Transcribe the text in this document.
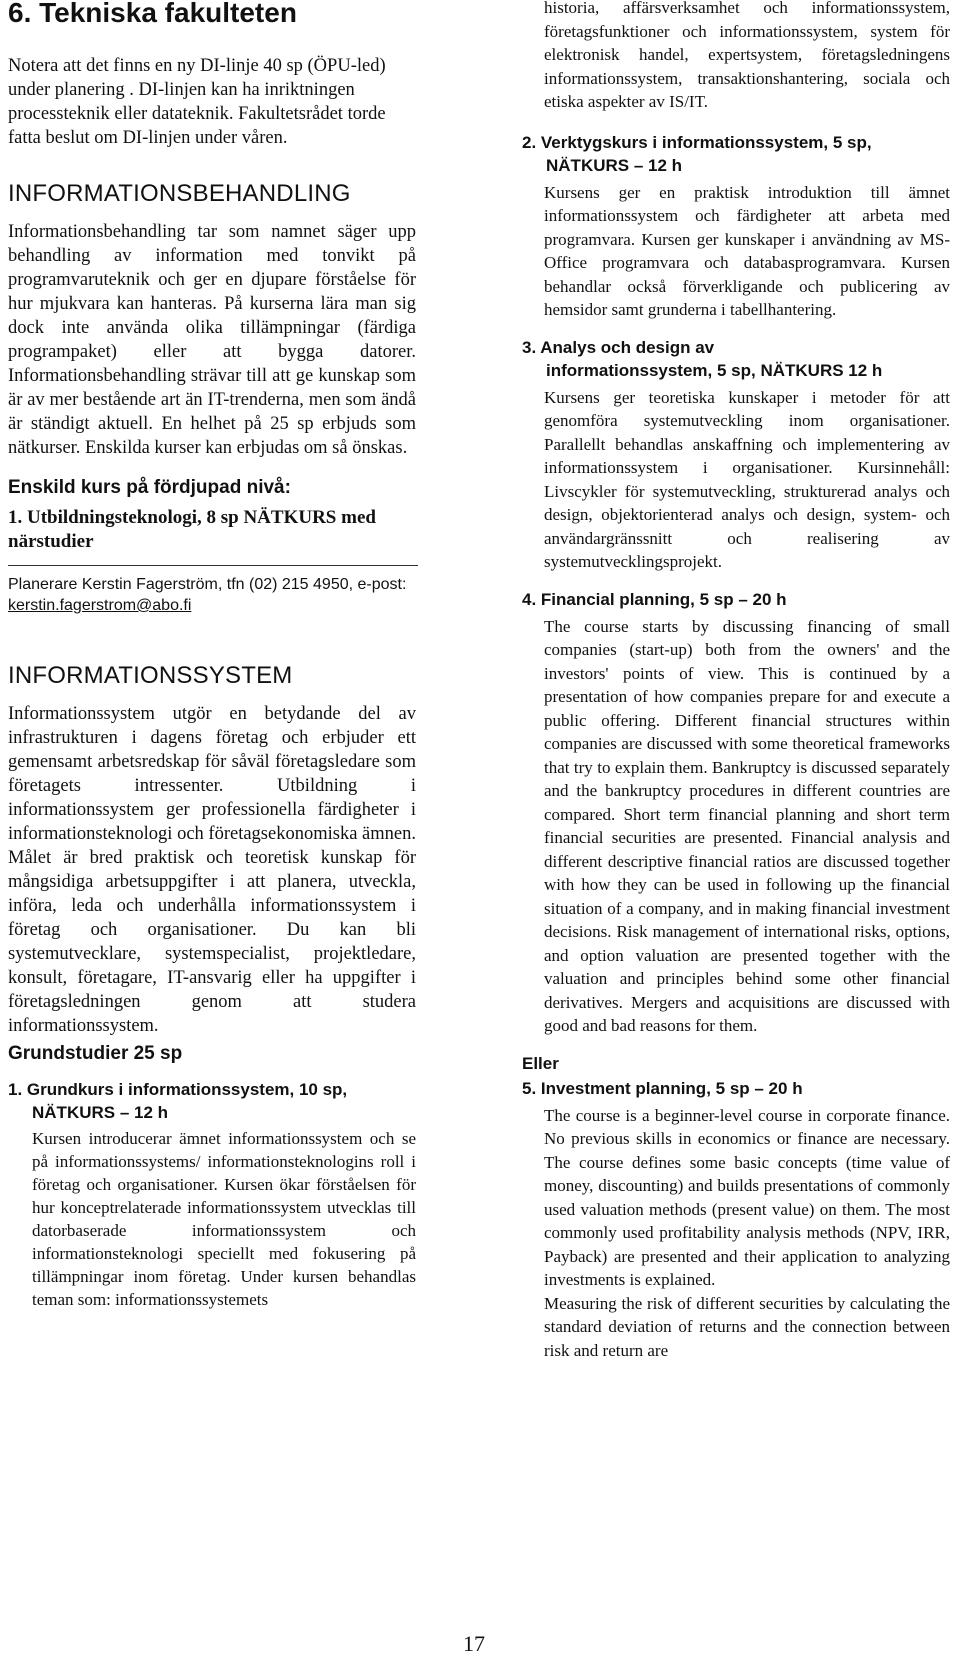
6. Tekniska fakulteten

Notera att det finns en ny DI-linje 40 sp (ÖPU-led) under planering . DI-linjen kan ha inriktningen processteknik eller datateknik. Fakultetsrådet torde fatta beslut om DI-linjen under våren.

INFORMATIONSBEHANDLING

Informationsbehandling tar som namnet säger upp behandling av information med tonvikt på programvaruteknik och ger en djupare förståelse för hur mjukvara kan hanteras. På kurserna lära man sig dock inte använda olika tillämpningar (färdiga programpaket) eller att bygga datorer. Informationsbehandling strävar till att ge kunskap som är av mer bestående art än IT-trenderna, men som ändå är ständigt aktuell. En helhet på 25 sp erbjuds som nätkurser. Enskilda kurser kan erbjudas om så önskas.

Enskild kurs på fördjupad nivå:
1. Utbildningsteknologi, 8 sp NÄTKURS med närstudier

Planerare Kerstin Fagerström, tfn (02) 215 4950, e-post: kerstin.fagerstrom@abo.fi

INFORMATIONSSYSTEM

Informationssystem utgör en betydande del av infrastrukturen i dagens företag och erbjuder ett gemensamt arbetsredskap för såväl företagsledare som företagets intressenter. Utbildning i informationssystem ger professionella färdigheter i informationsteknologi och företagsekonomiska ämnen. Målet är bred praktisk och teoretisk kunskap för mångsidiga arbetsuppgifter i att planera, utveckla, införa, leda och underhålla informationssystem i företag och organisationer. Du kan bli systemutvecklare, systemspecialist, projektledare, konsult, företagare, IT-ansvarig eller ha uppgifter i företagsledningen genom att studera informationssystem.

Grundstudier 25 sp
1. Grundkurs i informationssystem, 10 sp,
NÄTKURS – 12 h

Kursen introducerar ämnet informationssystem och se på informationssystems/ informationsteknologins roll i företag och organisationer. Kursen ökar förståelsen för hur konceptrelaterade informationssystem utvecklas till datorbaserade informationssystem och informationsteknologi speciellt med fokusering på tillämpningar inom företag. Under kursen behandlas teman som: informationssystemets

historia, affärsverksamhet och informationssystem, företagsfunktioner och informationssystem, system för elektronisk handel, expertsystem, företagsledningens informationssystem, transaktionshantering, sociala och etiska aspekter av IS/IT.

2. Verktygskurs i informationssystem, 5 sp,
NÄTKURS – 12 h

Kursens ger en praktisk introduktion till ämnet informationssystem och färdigheter att arbeta med programvara. Kursen ger kunskaper i användning av MS-Office programvara och databasprogramvara. Kursen behandlar också förverkligande och publicering av hemsidor samt grunderna i tabellhantering.

3. Analys och design av
informationssystem, 5 sp, NÄTKURS 12 h

Kursens ger teoretiska kunskaper i metoder för att genomföra systemutveckling inom organisationer. Parallellt behandlas anskaffning och implementering av informationssystem i organisationer. Kursinnehåll: Livscykler för systemutveckling, strukturerad analys och design, objektorienterad analys och design, system- och användargränssnitt och realisering av systemutvecklingsprojekt.

4. Financial planning, 5 sp – 20 h

The course starts by discussing financing of small companies (start-up) both from the owners' and the investors' points of view. This is continued by a presentation of how companies prepare for and execute a public offering. Different financial structures within companies are discussed with some theoretical frameworks that try to explain them. Bankruptcy is discussed separately and the bankruptcy procedures in different countries are compared. Short term financial planning and short term financial securities are presented. Financial analysis and different descriptive financial ratios are discussed together with how they can be used in following up the financial situation of a company, and in making financial investment decisions. Risk management of international risks, options, and option valuation are presented together with the valuation and principles behind some other financial derivatives. Mergers and acquisitions are discussed with good and bad reasons for them.

Eller
5. Investment planning, 5 sp – 20 h

The course is a beginner-level course in corporate finance. No previous skills in economics or finance are necessary. The course defines some basic concepts (time value of money, discounting) and builds presentations of commonly used valuation methods (present value) on them. The most commonly used profitability analysis methods (NPV, IRR, Payback) are presented and their application to analyzing investments is explained.

Measuring the risk of different securities by calculating the standard deviation of returns and the connection between risk and return are

17
